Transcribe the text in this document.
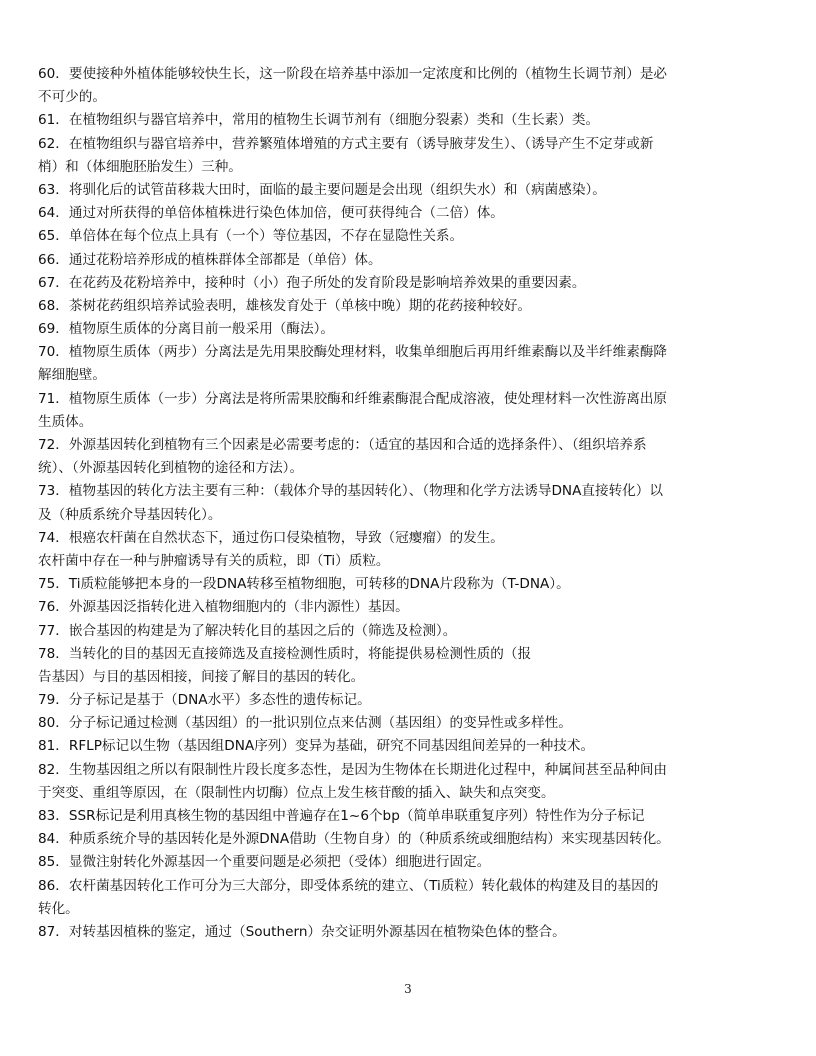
60．要使接种外植体能够较快生长，这一阶段在培养基中添加一定浓度和比例的（植物生长调节剂）是必
不可少的。
61．在植物组织与器官培养中，常用的植物生长调节剂有（细胞分裂素）类和（生长素）类。
62．在植物组织与器官培养中，营养繁殖体增殖的方式主要有（诱导腋芽发生）、（诱导产生不定芽或新
梢）和（体细胞胚胎发生）三种。
63．将驯化后的试管苗移栽大田时，面临的最主要问题是会出现（组织失水）和（病菌感染）。
64．通过对所获得的单倍体植株进行染色体加倍，便可获得纯合（二倍）体。
65．单倍体在每个位点上具有（一个）等位基因，不存在显隐性关系。
66．通过花粉培养形成的植株群体全部都是（单倍）体。
67．在花药及花粉培养中，接种时（小）孢子所处的发育阶段是影响培养效果的重要因素。
68．茶树花药组织培养试验表明，雄核发育处于（单核中晚）期的花药接种较好。
69．植物原生质体的分离目前一般采用（酶法）。
70．植物原生质体（两步）分离法是先用果胶酶处理材料，收集单细胞后再用纤维素酶以及半纤维素酶降
解细胞壁。
71．植物原生质体（一步）分离法是将所需果胶酶和纤维素酶混合配成溶液，使处理材料一次性游离出原
生质体。
72．外源基因转化到植物有三个因素是必需要考虑的：（适宜的基因和合适的选择条件）、（组织培养系
统）、（外源基因转化到植物的途径和方法）。
73．植物基因的转化方法主要有三种：（载体介导的基因转化）、（物理和化学方法诱导DNA直接转化）以
及（种质系统介导基因转化）。
74．根癌农杆菌在自然状态下，通过伤口侵染植物，导致（冠瘿瘤）的发生。
农杆菌中存在一种与肿瘤诱导有关的质粒，即（Ti）质粒。
75．Ti质粒能够把本身的一段DNA转移至植物细胞，可转移的DNA片段称为（T-DNA）。
76．外源基因泛指转化进入植物细胞内的（非内源性）基因。
77．嵌合基因的构建是为了解决转化目的基因之后的（筛选及检测）。
78．当转化的目的基因无直接筛选及直接检测性质时，将能提供易检测性质的（报
告基因）与目的基因相接，间接了解目的基因的转化。
79．分子标记是基于（DNA水平）多态性的遗传标记。
80．分子标记通过检测（基因组）的一批识别位点来估测（基因组）的变异性或多样性。
81．RFLP标记以生物（基因组DNA序列）变异为基础，研究不同基因组间差异的一种技术。
82．生物基因组之所以有限制性片段长度多态性，是因为生物体在长期进化过程中，种属间甚至品种间由
于突变、重组等原因，在（限制性内切酶）位点上发生核苷酸的插入、缺失和点突变。
83．SSR标记是利用真核生物的基因组中普遍存在1~6个bp（简单串联重复序列）特性作为分子标记
84．种质系统介导的基因转化是外源DNA借助（生物自身）的（种质系统或细胞结构）来实现基因转化。
85．显微注射转化外源基因一个重要问题是必须把（受体）细胞进行固定。
86．农杆菌基因转化工作可分为三大部分，即受体系统的建立、（Ti质粒）转化载体的构建及目的基因的
转化。
87．对转基因植株的鉴定，通过（Southern）杂交证明外源基因在植物染色体的整合。
3
